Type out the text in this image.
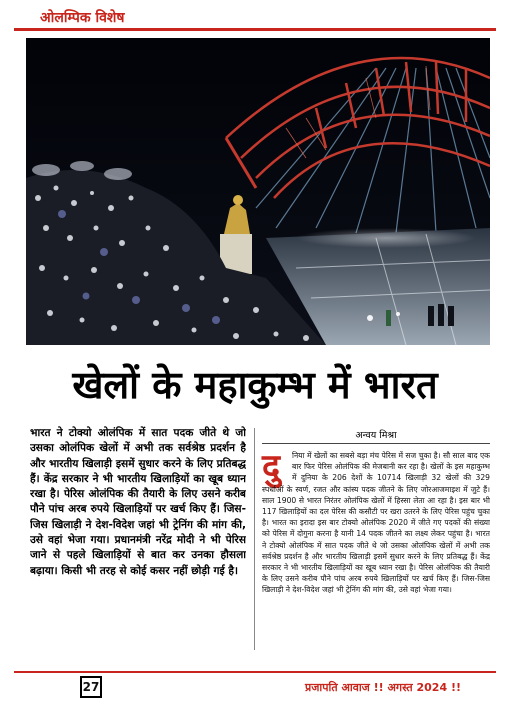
ओलम्पिक विशेष
खेलों के महाकुम्भ में भारत
भारत ने टोक्यो ओलंपिक में सात पदक जीते थे जो उसका ओलंपिक खेलों में अभी तक सर्वश्रेष्ठ प्रदर्शन है और भारतीय खिलाड़ी इसमें सुधार करने के लिए प्रतिबद्ध हैं। केंद्र सरकार ने भी भारतीय खिलाड़ियों का खूब ध्यान रखा है। पेरिस ओलंपिक की तैयारी के लिए उसने करीब पौने पांच अरब रुपये खिलाड़ियों पर खर्च किए हैं। जिस-जिस खिलाड़ी ने देश-विदेश जहां भी ट्रेनिंग की मांग की, उसे वहां भेजा गया। प्रधानमंत्री नरेंद्र मोदी ने भी पेरिस जाने से पहले खिलाड़ियों से बात कर उनका हौसला बढ़ाया। किसी भी तरह से कोई कसर नहीं छोड़ी गई है।
अन्वय मिश्रा
दु	निया में खेलों का सबसे बड़ा मंच पेरिस में सज चुका है। सौ साल बाद एक बार फिर पेरिस ओलंपिक की मेजबानी कर रहा है। खेलों के इस महाकुम्भ में दुनिया के 206 देशों के 10714 खिलाड़ी 32 खेलों की 329 स्पर्धाओं के स्वर्ण, रजत और कांस्य पदक जीतने के लिए जोरआजमाइश में जुटे हैं। साल 1900 से भारत निरंतर ओलंपिक खेलों में हिस्सा लेता आ रहा है। इस बार भी 117 खिलाड़ियों का दल पेरिस की कसौटी पर खरा उतरने के लिए पेरिस पहुंच चुका है। भारत का इरादा इस बार टोक्यो ओलंपिक 2020 में जीते गए पदकों की संख्या को पेरिस में दोगुना करना है यानी 14 पदक जीतने का लक्ष्य लेकर पहुंचा है। भारत ने टोक्यो ओलंपिक में सात पदक जीते थे जो उसका ओलंपिक खेलों में अभी तक सर्वश्रेष्ठ प्रदर्शन है और भारतीय खिलाड़ी इसमें सुधार करने के लिए प्रतिबद्ध हैं। केंद्र सरकार ने भी भारतीय खिलाड़ियों का खूब ध्यान रखा है। पेरिस ओलंपिक की तैयारी के लिए उसने करीब पौने पांच अरब रुपये खिलाड़ियों पर खर्च किए हैं। जिस-जिस खिलाड़ी ने देश-विदेश जहां भी ट्रेनिंग की मांग की, उसे वहां भेजा गया।
27	प्रजापति आवाज !! अगस्त 2024 !!
